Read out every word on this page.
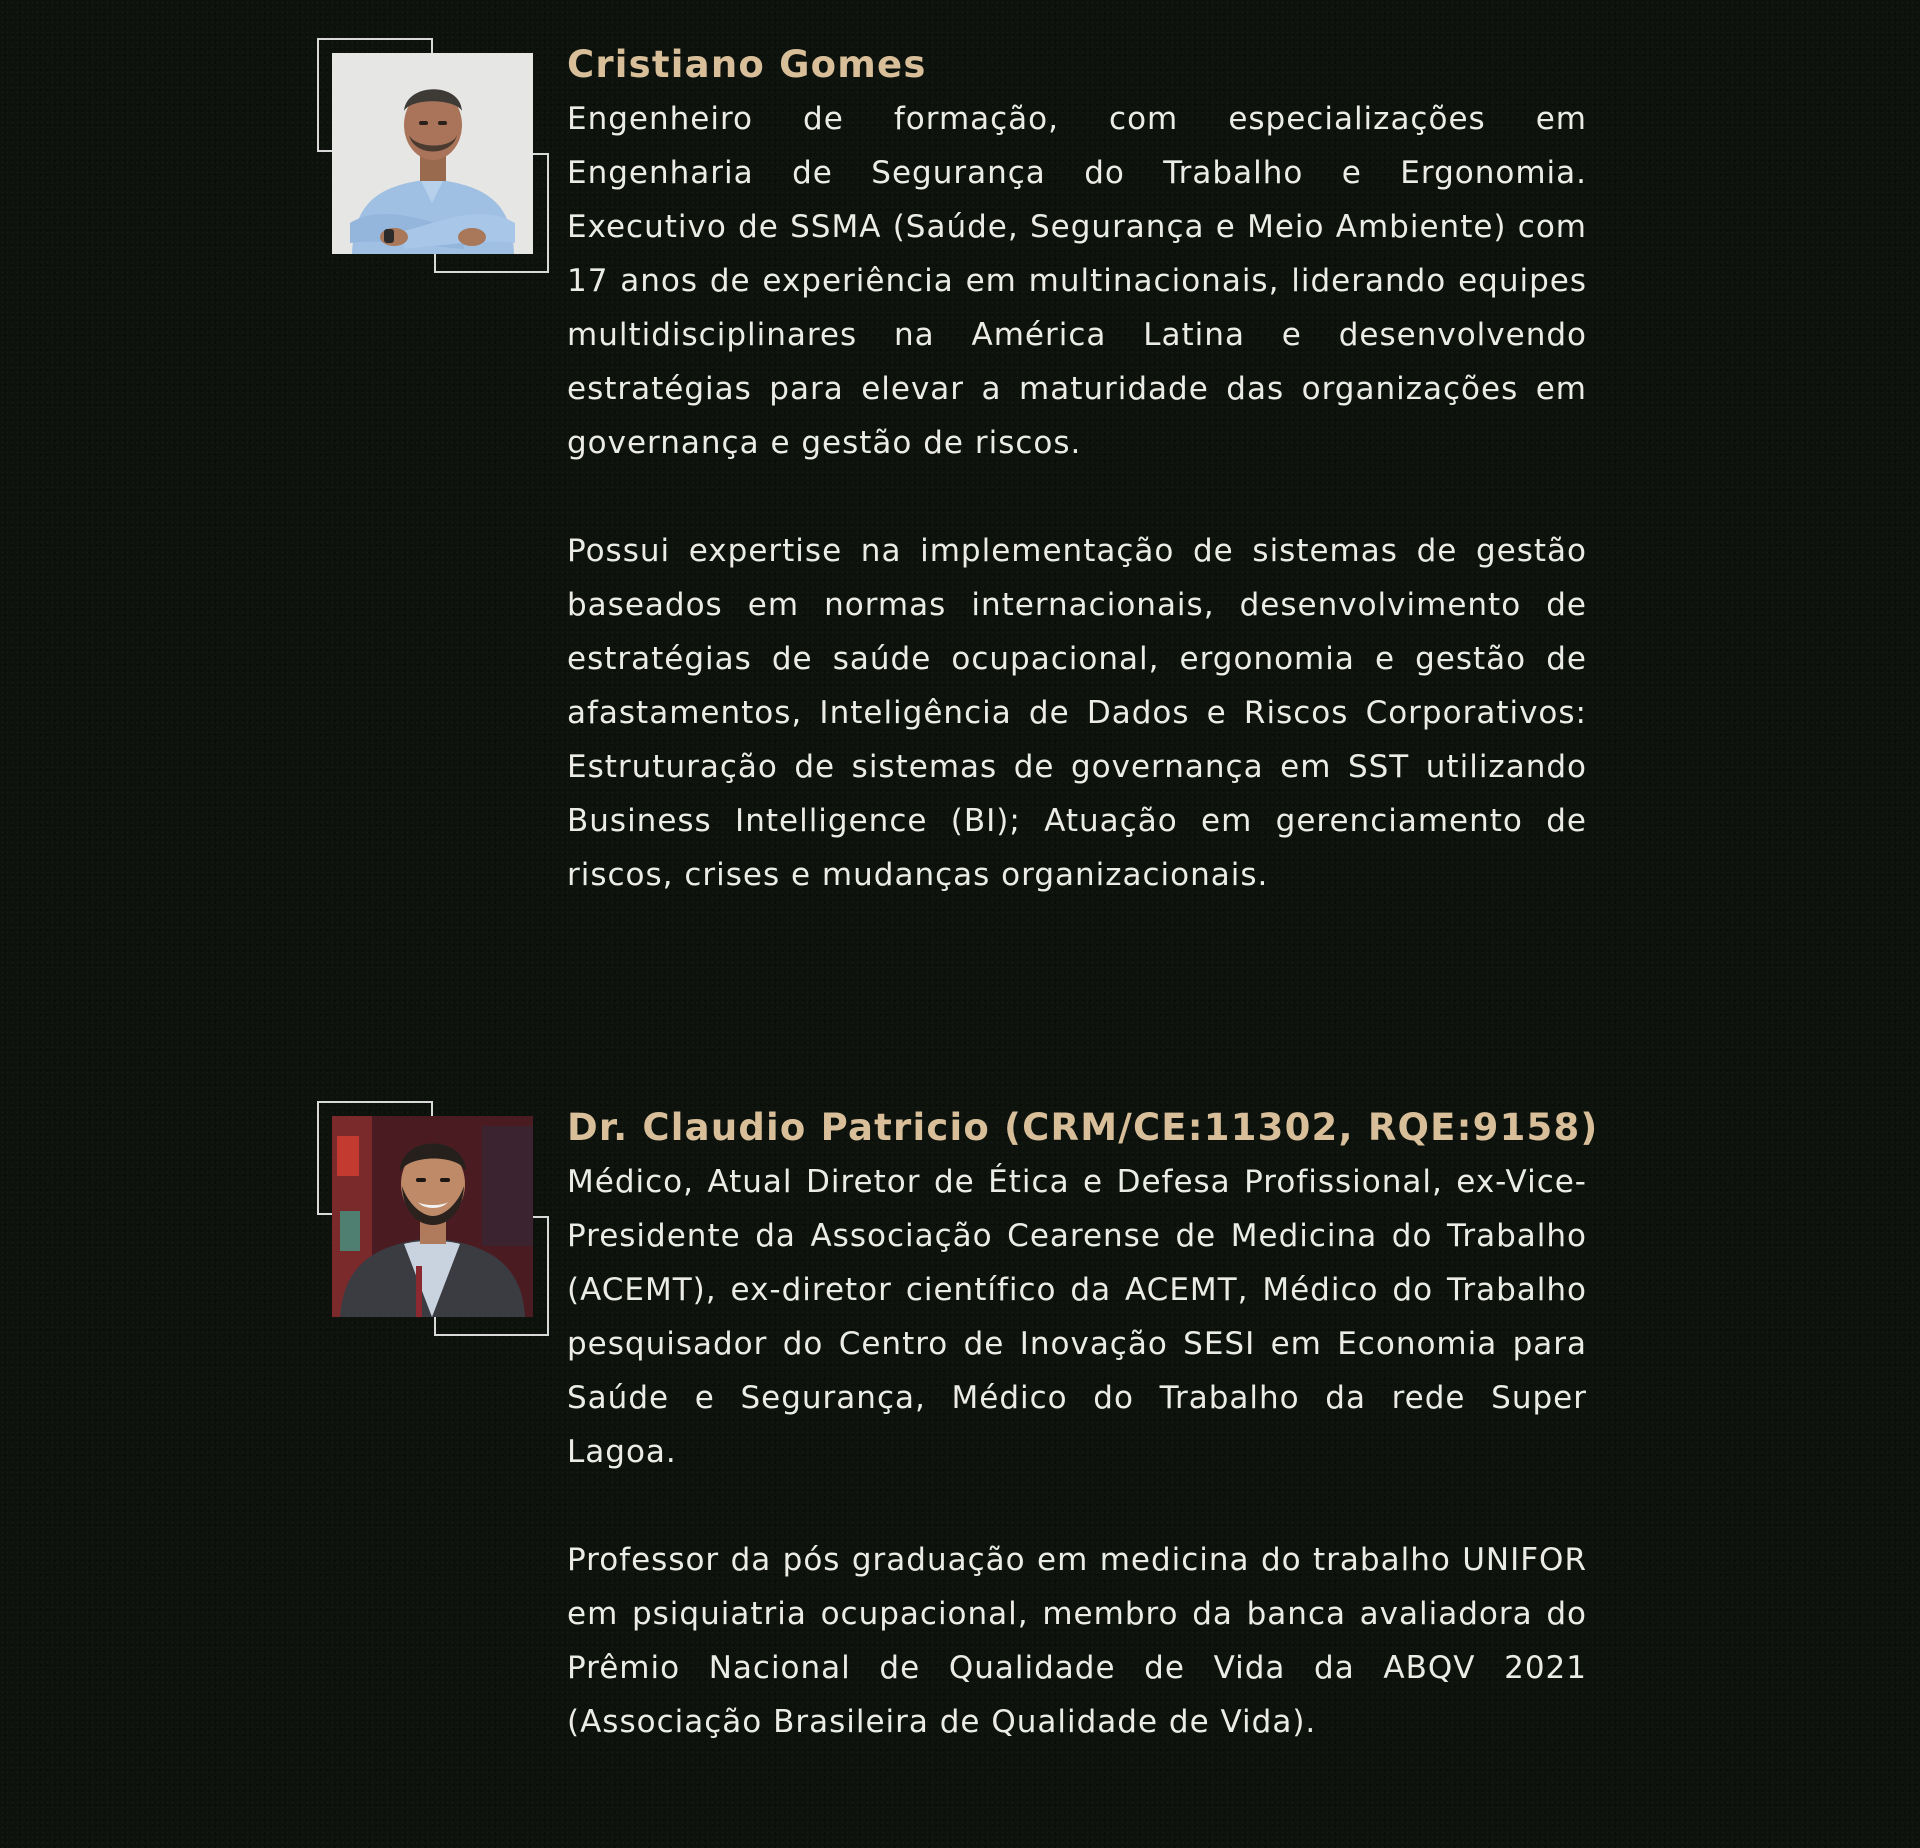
Cristiano Gomes

Engenheiro de formação, com especializações em Engenharia de Segurança do Trabalho e Ergonomia. Executivo de SSMA (Saúde, Segurança e Meio Ambiente) com 17 anos de experiência em multinacionais, liderando equipes multidisciplinares na América Latina e desenvolvendo estratégias para elevar a maturidade das organizações em governança e gestão de riscos.

Possui expertise na implementação de sistemas de gestão baseados em normas internacionais, desenvolvimento de estratégias de saúde ocupacional, ergonomia e gestão de afastamentos, Inteligência de Dados e Riscos Corporativos: Estruturação de sistemas de governança em SST utilizando Business Intelligence (BI); Atuação em gerenciamento de riscos, crises e mudanças organizacionais.

Dr. Claudio Patricio (CRM/CE:11302, RQE:9158)

Médico, Atual Diretor de Ética e Defesa Profissional, ex-Vice-Presidente da Associação Cearense de Medicina do Trabalho (ACEMT), ex-diretor científico da ACEMT, Médico do Trabalho pesquisador do Centro de Inovação SESI em Economia para Saúde e Segurança, Médico do Trabalho da rede Super Lagoa.

Professor da pós graduação em medicina do trabalho UNIFOR em psiquiatria ocupacional, membro da banca avaliadora do Prêmio Nacional de Qualidade de Vida da ABQV 2021 (Associação Brasileira de Qualidade de Vida).
